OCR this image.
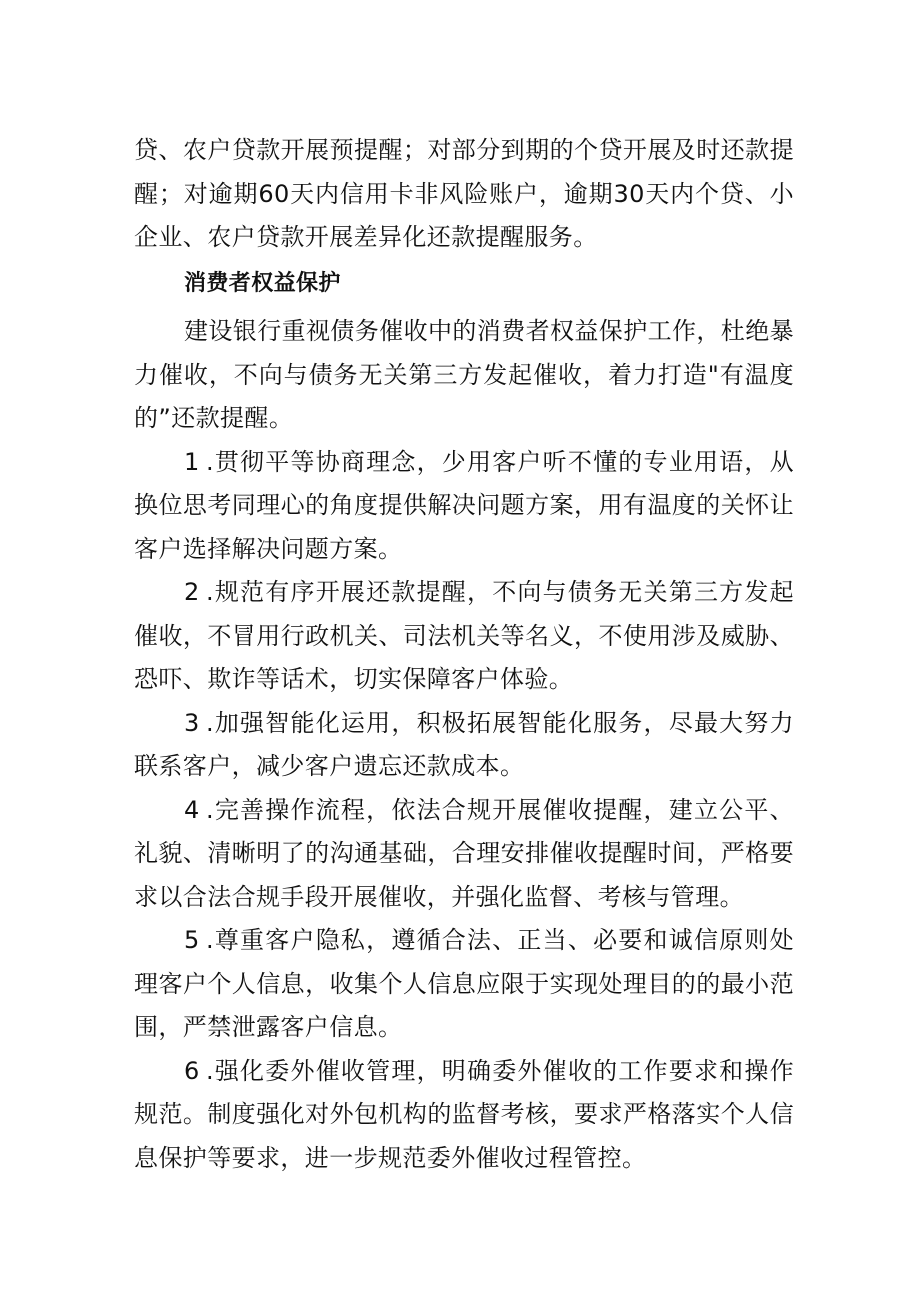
贷、农户贷款开展预提醒；对部分到期的个贷开展及时还款提醒；对逾期60天内信用卡非风险账户，逾期30天内个贷、小企业、农户贷款开展差异化还款提醒服务。

消费者权益保护

建设银行重视债务催收中的消费者权益保护工作，杜绝暴力催收，不向与债务无关第三方发起催收，着力打造"有温度的”还款提醒。

1 .贯彻平等协商理念，少用客户听不懂的专业用语，从换位思考同理心的角度提供解决问题方案，用有温度的关怀让客户选择解决问题方案。

2 .规范有序开展还款提醒，不向与债务无关第三方发起催收，不冒用行政机关、司法机关等名义，不使用涉及威胁、恐吓、欺诈等话术，切实保障客户体验。

3 .加强智能化运用，积极拓展智能化服务，尽最大努力联系客户，减少客户遗忘还款成本。

4 .完善操作流程，依法合规开展催收提醒，建立公平、礼貌、清晰明了的沟通基础，合理安排催收提醒时间，严格要求以合法合规手段开展催收，并强化监督、考核与管理。

5 .尊重客户隐私，遵循合法、正当、必要和诚信原则处理客户个人信息，收集个人信息应限于实现处理目的的最小范围，严禁泄露客户信息。

6 .强化委外催收管理，明确委外催收的工作要求和操作规范。制度强化对外包机构的监督考核，要求严格落实个人信息保护等要求，进一步规范委外催收过程管控。
